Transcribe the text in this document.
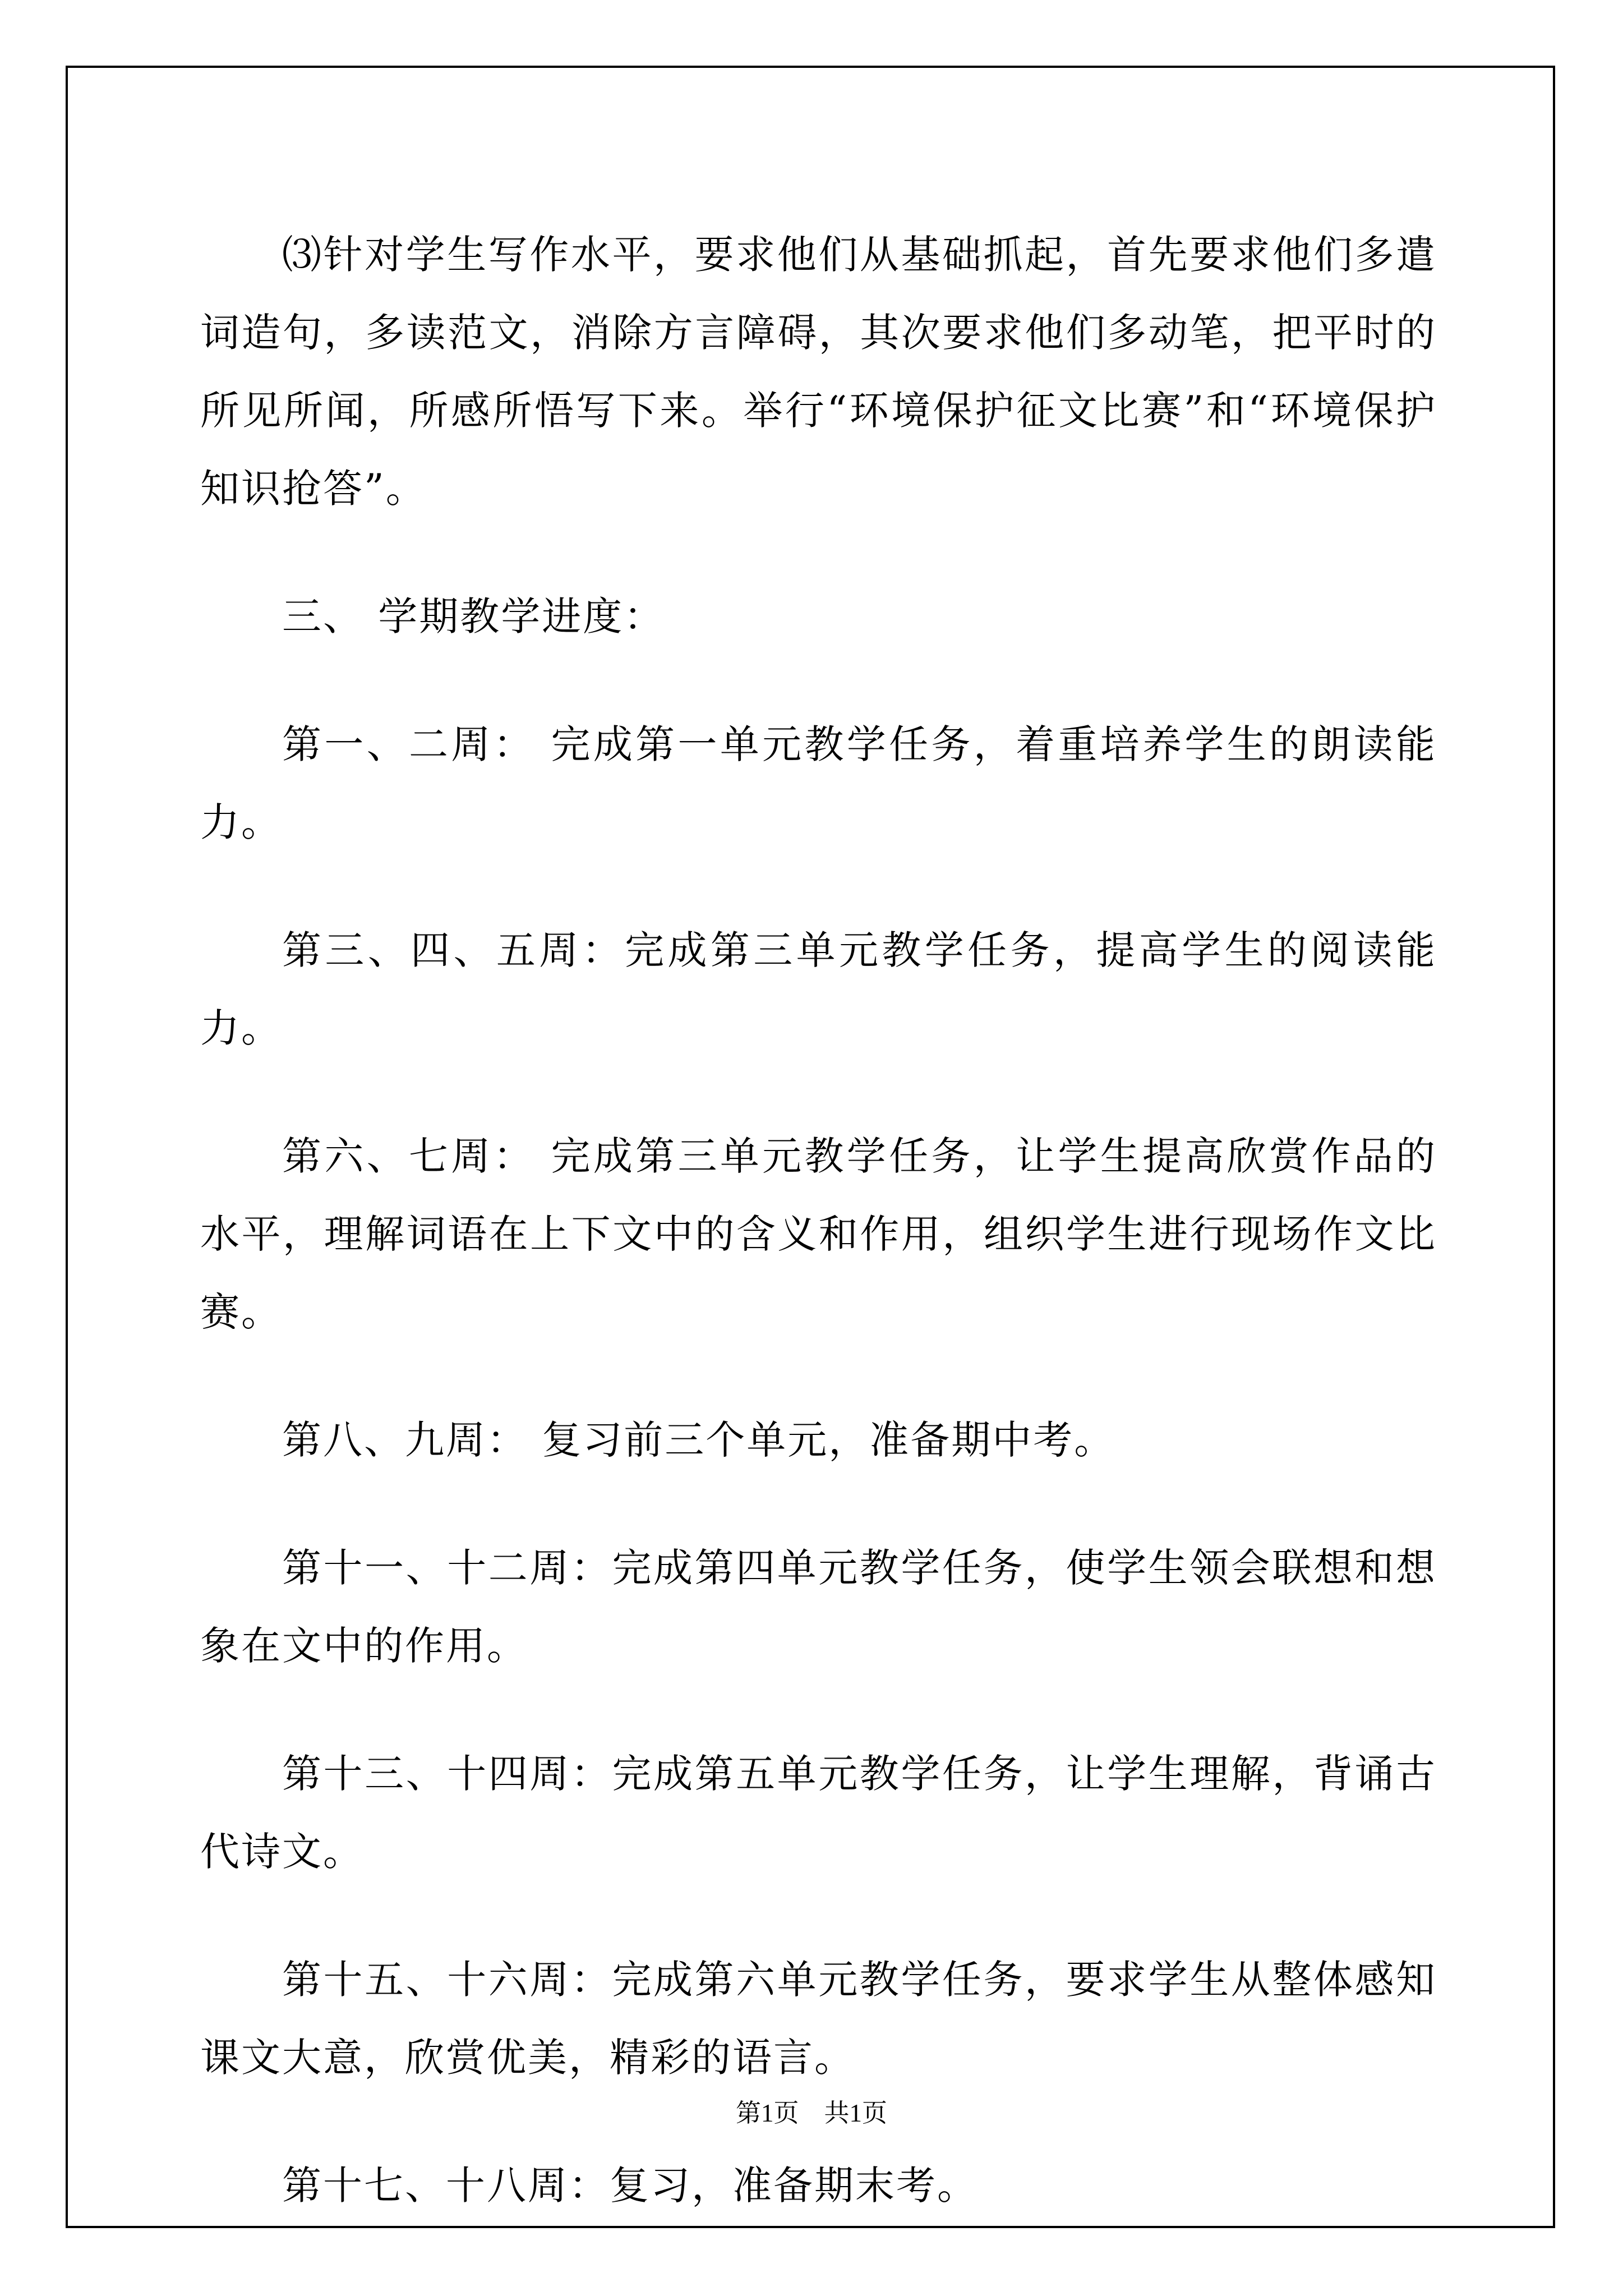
⑶针对学生写作水平，要求他们从基础抓起，首先要求他们多遣词造句，多读范文，消除方言障碍，其次要求他们多动笔，把平时的所见所闻，所感所悟写下来。举行“环境保护征文比赛”和“环境保护知识抢答”。

三、 学期教学进度：

第一、二周： 完成第一单元教学任务，着重培养学生的朗读能力。

第三、四、五周：完成第三单元教学任务，提高学生的阅读能力。

第六、七周： 完成第三单元教学任务，让学生提高欣赏作品的水平，理解词语在上下文中的含义和作用，组织学生进行现场作文比赛。

第八、九周： 复习前三个单元，准备期中考。

第十一、十二周：完成第四单元教学任务，使学生领会联想和想象在文中的作用。

第十三、十四周：完成第五单元教学任务，让学生理解，背诵古代诗文。

第十五、十六周：完成第六单元教学任务，要求学生从整体感知课文大意，欣赏优美，精彩的语言。

第十七、十八周：复习，准备期末考。

第1页　共1页
